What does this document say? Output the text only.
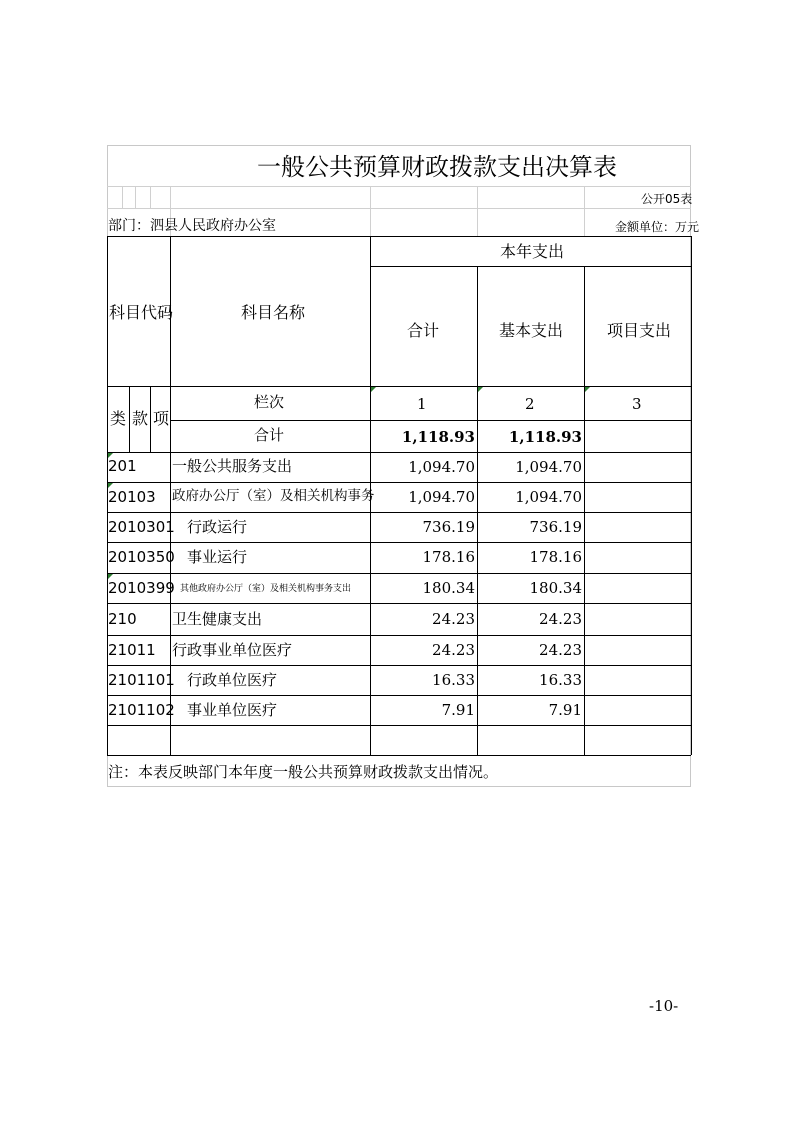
一般公共预算财政拨款支出决算表
公开05表
部门：泗县人民政府办公室	金额单位：万元
科目代码	科目名称
本年支出
合计	基本支出	项目支出
类 款 项
栏次	1	2	3
合计	1,118.93 1,118.93
201 一般公共服务支出	1,094.70	1,094.70
20103 政府办公厅（室）及相关机构事务 1,094.70	1,094.70
2010301 行政运行	736.19	736.19
2010350 事业运行	178.16	178.16
2010399 其他政府办公厅（室）及相关机构事务支出	180.34	180.34
210 卫生健康支出	24.23	24.23
21011 行政事业单位医疗	24.23	24.23
2101101 行政单位医疗	16.33	16.33
2101102 事业单位医疗	7.91	7.91
注：本表反映部门本年度一般公共预算财政拨款支出情况。
-10-
